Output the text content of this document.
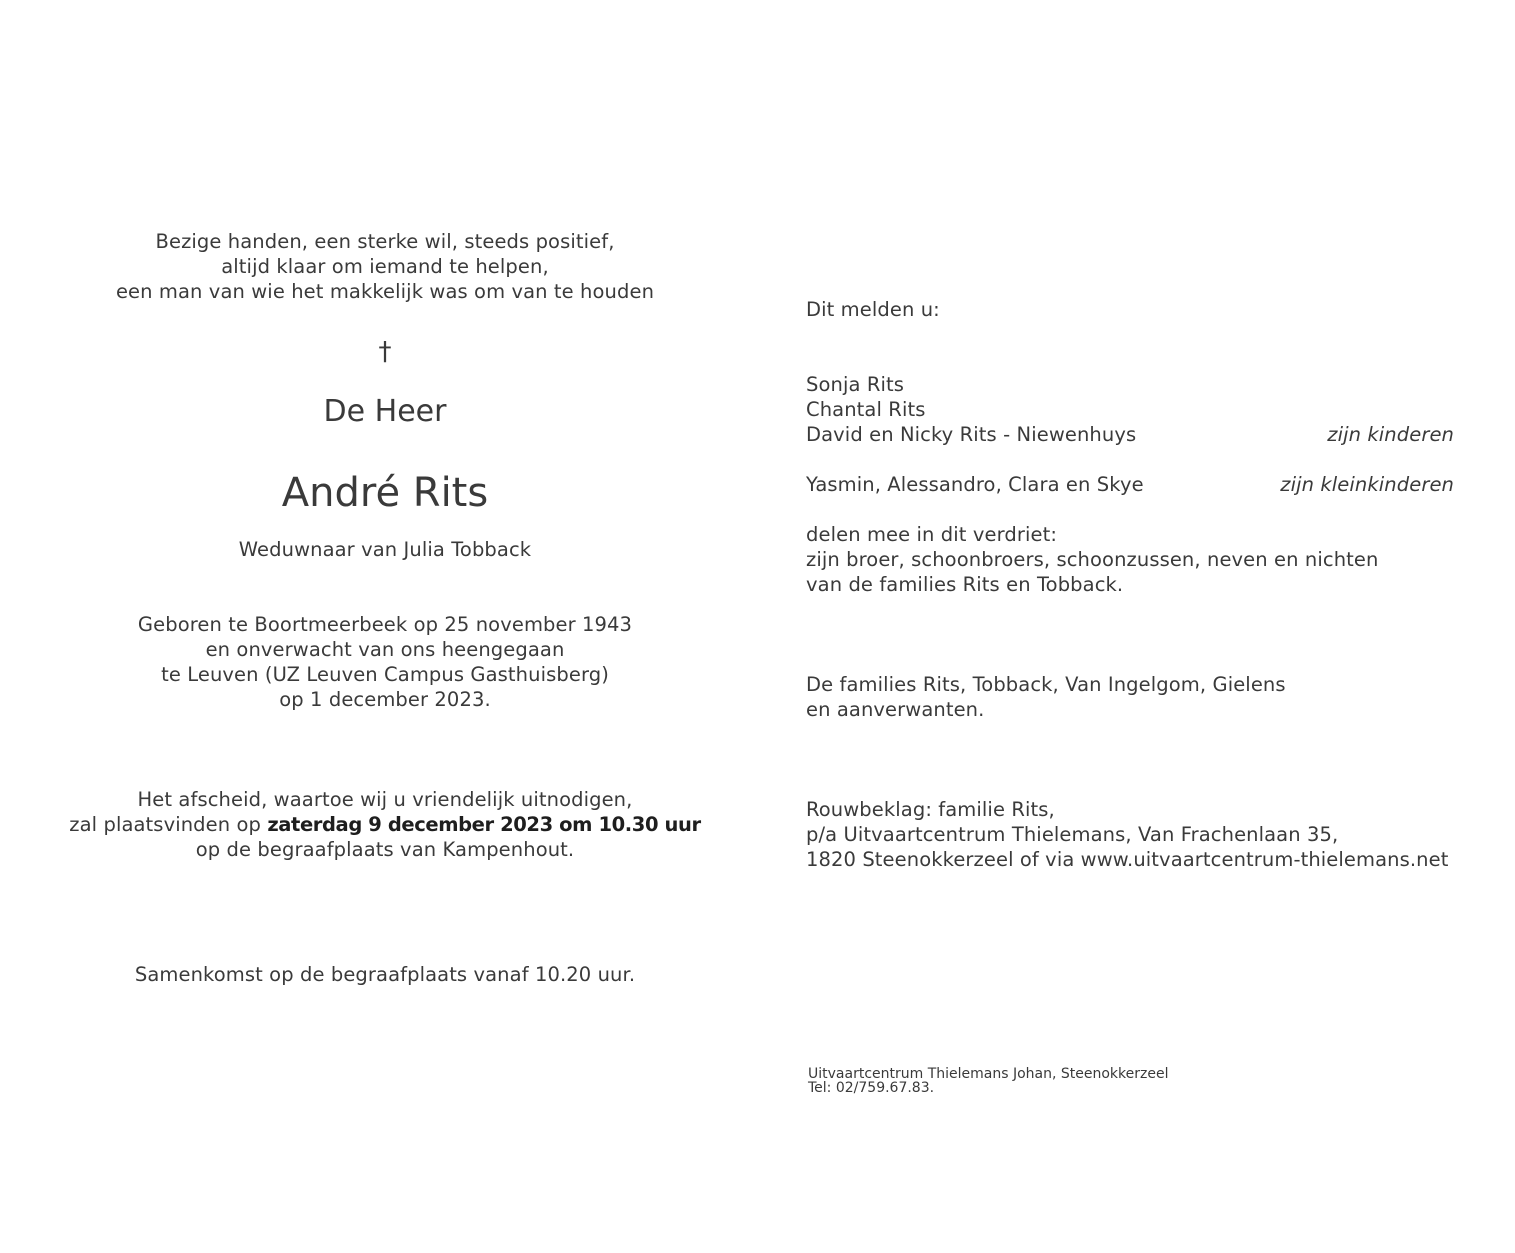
Bezige handen, een sterke wil, steeds positief,
altijd klaar om iemand te helpen,
een man van wie het makkelijk was om van te houden
†
De Heer
André Rits
Weduwnaar van Julia Tobback
Geboren te Boortmeerbeek op 25 november 1943
en onverwacht van ons heengegaan
te Leuven (UZ Leuven Campus Gasthuisberg)
op 1 december 2023.
Het afscheid, waartoe wij u vriendelijk uitnodigen,
zal plaatsvinden op zaterdag 9 december 2023 om 10.30 uur
op de begraafplaats van Kampenhout.
Samenkomst op de begraafplaats vanaf 10.20 uur.
Dit melden u:
Sonja Rits
Chantal Rits
David en Nicky Rits - Niewenhuys	zijn kinderen
Yasmin, Alessandro, Clara en Skye	zijn kleinkinderen
delen mee in dit verdriet:
zijn broer, schoonbroers, schoonzussen, neven en nichten
van de families Rits en Tobback.
De families Rits, Tobback, Van Ingelgom, Gielens
en aanverwanten.
Rouwbeklag: familie Rits,
p/a Uitvaartcentrum Thielemans, Van Frachenlaan 35,
1820 Steenokkerzeel of via www.uitvaartcentrum-thielemans.net
Uitvaartcentrum Thielemans Johan, Steenokkerzeel
Tel: 02/759.67.83.
